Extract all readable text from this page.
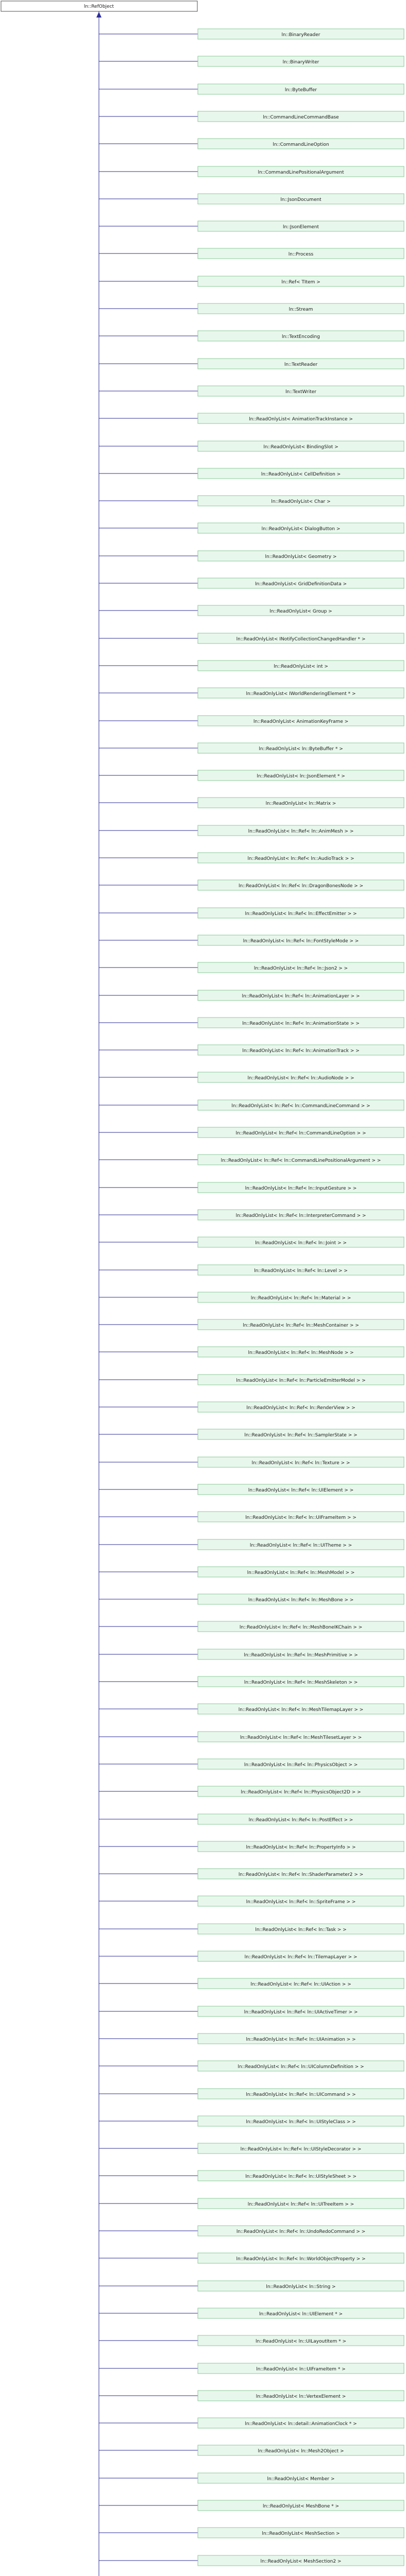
ln::RefObject
ln::BinaryReader
ln::BinaryWriter
ln::ByteBuffer
ln::CommandLineCommandBase
ln::CommandLineOption
ln::CommandLinePositionalArgument
ln::JsonDocument
ln::JsonElement
ln::Process
ln::Ref< TItem >
ln::Stream
ln::TextEncoding
ln::TextReader
ln::TextWriter
ln::ReadOnlyList< AnimationTrackInstance >
ln::ReadOnlyList< BindingSlot >
ln::ReadOnlyList< CellDefinition >
ln::ReadOnlyList< Char >
ln::ReadOnlyList< DialogButton >
ln::ReadOnlyList< Geometry >
ln::ReadOnlyList< GridDefinitionData >
ln::ReadOnlyList< Group >
ln::ReadOnlyList< INotifyCollectionChangedHandler * >
ln::ReadOnlyList< int >
ln::ReadOnlyList< IWorldRenderingElement * >
ln::ReadOnlyList< AnimationKeyFrame >
ln::ReadOnlyList< ln::ByteBuffer * >
ln::ReadOnlyList< ln::JsonElement * >
ln::ReadOnlyList< ln::Matrix >
ln::ReadOnlyList< ln::Ref< ln::AnimMesh > >
ln::ReadOnlyList< ln::Ref< ln::AudioTrack > >
ln::ReadOnlyList< ln::Ref< ln::DragonBonesNode > >
ln::ReadOnlyList< ln::Ref< ln::EffectEmitter > >
ln::ReadOnlyList< ln::Ref< ln::FontStyleMode > >
ln::ReadOnlyList< ln::Ref< ln::Json2 > >
ln::ReadOnlyList< ln::Ref< ln::AnimationLayer > >
ln::ReadOnlyList< ln::Ref< ln::AnimationState > >
ln::ReadOnlyList< ln::Ref< ln::AnimationTrack > >
ln::ReadOnlyList< ln::Ref< ln::AudioNode > >
ln::ReadOnlyList< ln::Ref< ln::CommandLineCommand > >
ln::ReadOnlyList< ln::Ref< ln::CommandLineOption > >
ln::ReadOnlyList< ln::Ref< ln::CommandLinePositionalArgument > >
ln::ReadOnlyList< ln::Ref< ln::InputGesture > >
ln::ReadOnlyList< ln::Ref< ln::InterpreterCommand > >
ln::ReadOnlyList< ln::Ref< ln::Joint > >
ln::ReadOnlyList< ln::Ref< ln::Level > >
ln::ReadOnlyList< ln::Ref< ln::Material > >
ln::ReadOnlyList< ln::Ref< ln::MeshContainer > >
ln::ReadOnlyList< ln::Ref< ln::MeshNode > >
ln::ReadOnlyList< ln::Ref< ln::ParticleEmitterModel > >
ln::ReadOnlyList< ln::Ref< ln::RenderView > >
ln::ReadOnlyList< ln::Ref< ln::SamplerState > >
ln::ReadOnlyList< ln::Ref< ln::Texture > >
ln::ReadOnlyList< ln::Ref< ln::UIElement > >
ln::ReadOnlyList< ln::Ref< ln::UIFrameItem > >
ln::ReadOnlyList< ln::Ref< ln::UITheme > >
ln::ReadOnlyList< ln::Ref< ln::MeshModel > >
ln::ReadOnlyList< ln::Ref< ln::MeshBone > >
ln::ReadOnlyList< ln::Ref< ln::MeshBoneIKChain > >
ln::ReadOnlyList< ln::Ref< ln::MeshPrimitive > >
ln::ReadOnlyList< ln::Ref< ln::MeshSkeleton > >
ln::ReadOnlyList< ln::Ref< ln::MeshTilemapLayer > >
ln::ReadOnlyList< ln::Ref< ln::MeshTilesetLayer > >
ln::ReadOnlyList< ln::Ref< ln::PhysicsObject > >
ln::ReadOnlyList< ln::Ref< ln::PhysicsObject2D > >
ln::ReadOnlyList< ln::Ref< ln::PostEffect > >
ln::ReadOnlyList< ln::Ref< ln::PropertyInfo > >
ln::ReadOnlyList< ln::Ref< ln::ShaderParameter2 > >
ln::ReadOnlyList< ln::Ref< ln::SpriteFrame > >
ln::ReadOnlyList< ln::Ref< ln::Task > >
ln::ReadOnlyList< ln::Ref< ln::TilemapLayer > >
ln::ReadOnlyList< ln::Ref< ln::UIAction > >
ln::ReadOnlyList< ln::Ref< ln::UIActiveTimer > >
ln::ReadOnlyList< ln::Ref< ln::UIAnimation > >
ln::ReadOnlyList< ln::Ref< ln::UIColumnDefinition > >
ln::ReadOnlyList< ln::Ref< ln::UICommand > >
ln::ReadOnlyList< ln::Ref< ln::UIStyleClass > >
ln::ReadOnlyList< ln::Ref< ln::UIStyleDecorator > >
ln::ReadOnlyList< ln::Ref< ln::UIStyleSheet > >
ln::ReadOnlyList< ln::Ref< ln::UITreeItem > >
ln::ReadOnlyList< ln::Ref< ln::UndoRedoCommand > >
ln::ReadOnlyList< ln::Ref< ln::WorldObjectProperty > >
ln::ReadOnlyList< ln::String >
ln::ReadOnlyList< ln::UIElement * >
ln::ReadOnlyList< ln::UILayoutItem * >
ln::ReadOnlyList< ln::UIFrameItem * >
ln::ReadOnlyList< ln::VertexElement >
ln::ReadOnlyList< ln::detail::AnimationClock * >
ln::ReadOnlyList< ln::Mesh2Object >
ln::ReadOnlyList< Member >
ln::ReadOnlyList< MeshBone * >
ln::ReadOnlyList< MeshSection >
ln::ReadOnlyList< MeshSection2 >
